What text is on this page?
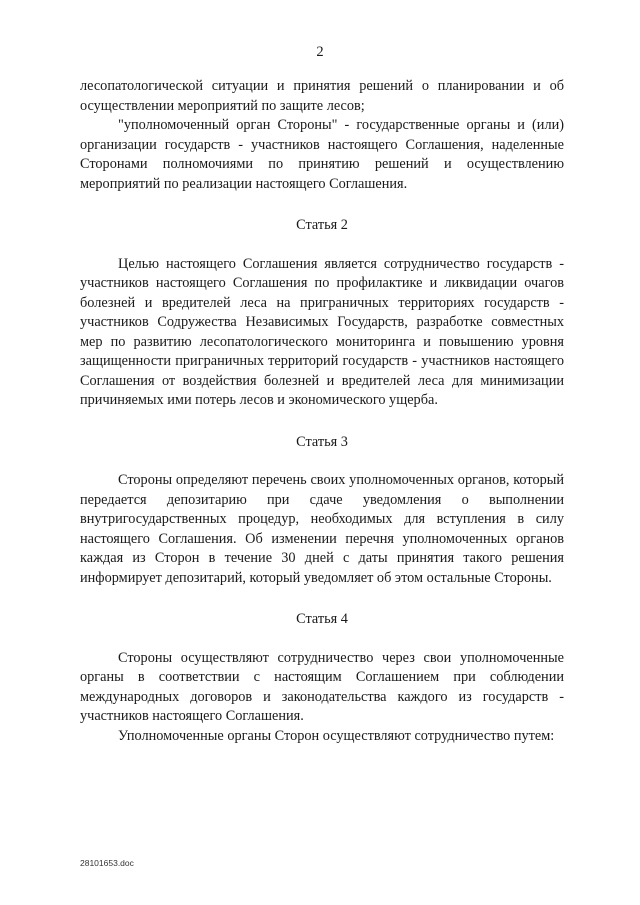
2

лесопатологической ситуации и принятия решений о планировании и об осуществлении мероприятий по защите лесов;

"уполномоченный орган Стороны" - государственные органы и (или) организации государств - участников настоящего Соглашения, наделенные Сторонами полномочиями по принятию решений и осуществлению мероприятий по реализации настоящего Соглашения.

Статья 2

Целью настоящего Соглашения является сотрудничество государств - участников настоящего Соглашения по профилактике и ликвидации очагов болезней и вредителей леса на приграничных территориях государств - участников Содружества Независимых Государств, разработке совместных мер по развитию лесопатологического мониторинга и повышению уровня защищенности приграничных территорий государств - участников настоящего Соглашения от воздействия болезней и вредителей леса для минимизации причиняемых ими потерь лесов и экономического ущерба.

Статья 3

Стороны определяют перечень своих уполномоченных органов, который передается депозитарию при сдаче уведомления о выполнении внутригосударственных процедур, необходимых для вступления в силу настоящего Соглашения. Об изменении перечня уполномоченных органов каждая из Сторон в течение 30 дней с даты принятия такого решения информирует депозитарий, который уведомляет об этом остальные Стороны.

Статья 4

Стороны осуществляют сотрудничество через свои уполномоченные органы в соответствии с настоящим Соглашением при соблюдении международных договоров и законодательства каждого из государств - участников настоящего Соглашения.

Уполномоченные органы Сторон осуществляют сотрудничество путем:

28101653.doc
